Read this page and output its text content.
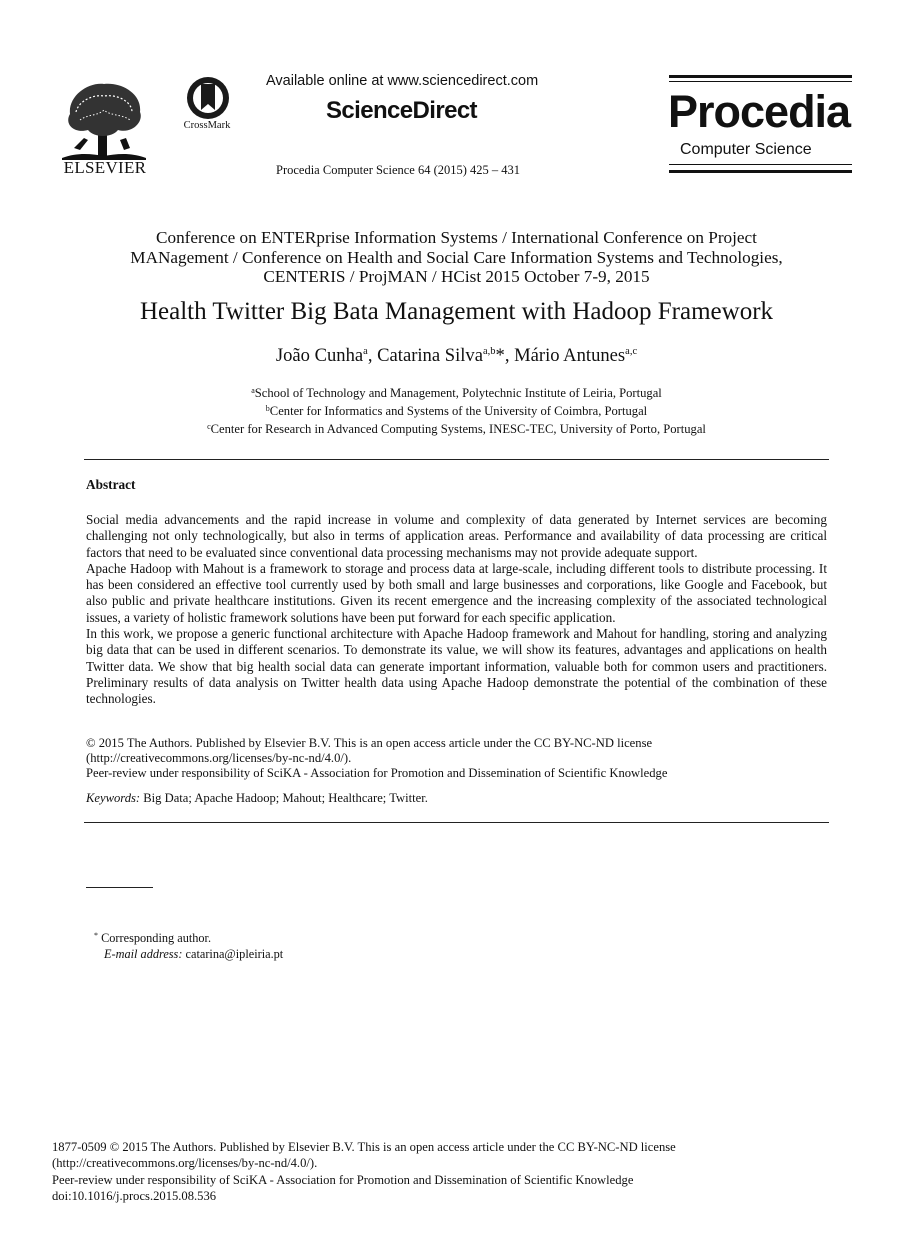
ELSEVIER
CrossMark
Available online at www.sciencedirect.com
ScienceDirect
Procedia Computer Science 64 (2015) 425 – 431
Procedia
Computer Science
Conference on ENTERprise Information Systems / International Conference on Project
MANagement / Conference on Health and Social Care Information Systems and Technologies,
CENTERIS / ProjMAN / HCist 2015 October 7-9, 2015
Health Twitter Big Bata Management with Hadoop Framework
João Cunha$^a$, Catarina Silva$^{a,b}$*, Mário Antunes$^{a,c}$
$^a$School of Technology and Management, Polytechnic Institute of Leiria, Portugal
$^b$Center for Informatics and Systems of the University of Coimbra, Portugal
$^c$Center for Research in Advanced Computing Systems, INESC-TEC, University of Porto, Portugal
Abstract

Social media advancements and the rapid increase in volume and complexity of data generated by Internet services are becoming challenging not only technologically, but also in terms of application areas. Performance and availability of data processing are critical factors that need to be evaluated since conventional data processing mechanisms may not provide adequate support.

Apache Hadoop with Mahout is a framework to storage and process data at large-scale, including different tools to distribute processing. It has been considered an effective tool currently used by both small and large businesses and corporations, like Google and Facebook, but also public and private healthcare institutions. Given its recent emergence and the increasing complexity of the associated technological issues, a variety of holistic framework solutions have been put forward for each specific application.

In this work, we propose a generic functional architecture with Apache Hadoop framework and Mahout for handling, storing and analyzing big data that can be used in different scenarios. To demonstrate its value, we will show its features, advantages and applications on health Twitter data. We show that big health social data can generate important information, valuable both for common users and practitioners. Preliminary results of data analysis on Twitter health data using Apache Hadoop demonstrate the potential of the combination of these technologies.

© 2015 The Authors. Published by Elsevier B.V. This is an open access article under the CC BY-NC-ND license
(http://creativecommons.org/licenses/by-nc-nd/4.0/).
Peer-review under responsibility of SciKA - Association for Promotion and Dissemination of Scientific Knowledge
Keywords: Big Data; Apache Hadoop; Mahout; Healthcare; Twitter.
* Corresponding author.
E-mail address: catarina@ipleiria.pt
1877-0509 © 2015 The Authors. Published by Elsevier B.V. This is an open access article under the CC BY-NC-ND license
(http://creativecommons.org/licenses/by-nc-nd/4.0/).
Peer-review under responsibility of SciKA - Association for Promotion and Dissemination of Scientific Knowledge
doi:10.1016/j.procs.2015.08.536
